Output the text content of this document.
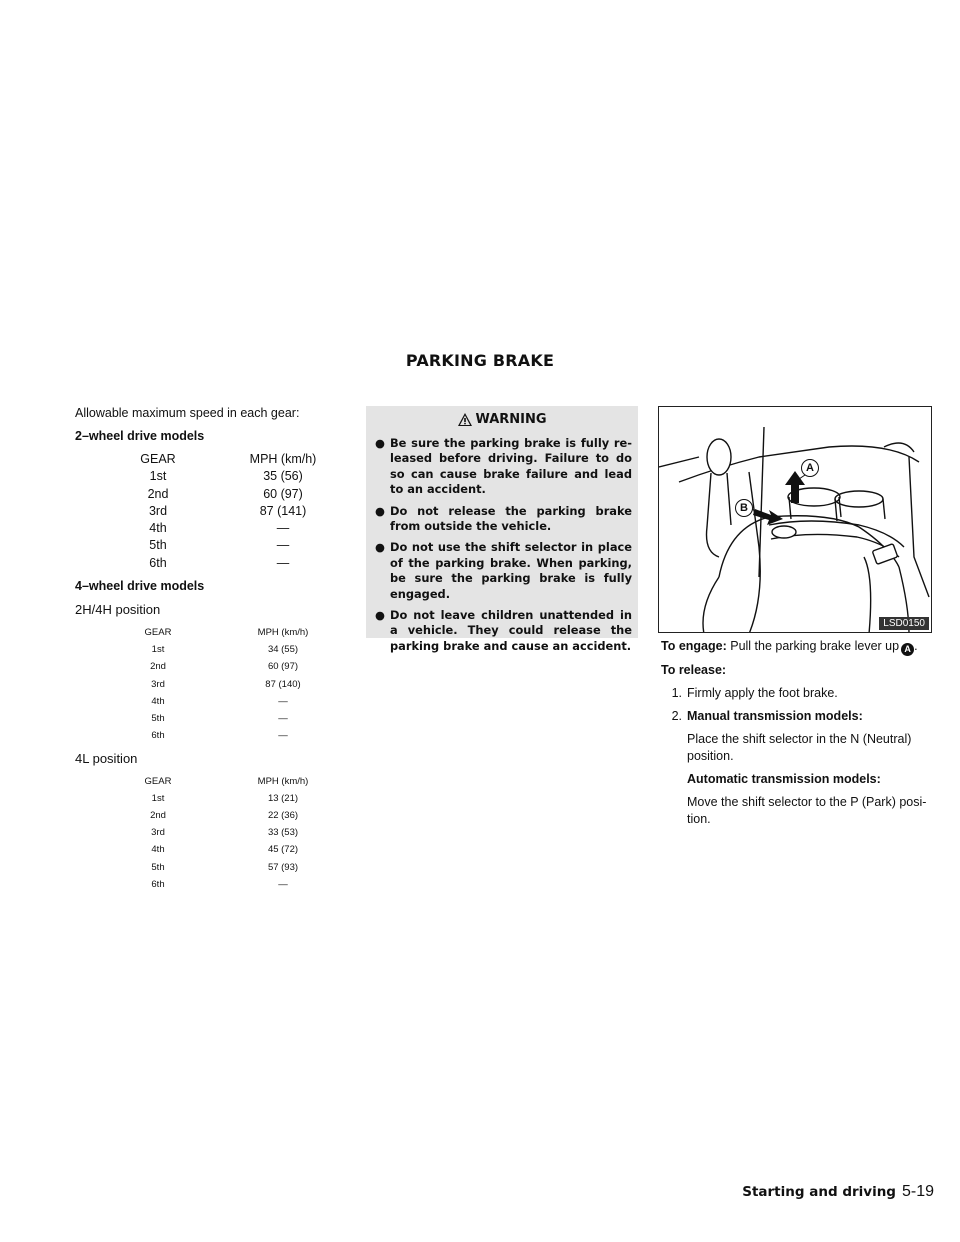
PARKING BRAKE

Allowable maximum speed in each gear:

2–wheel drive models

GEAR	MPH (km/h)
1st	35 (56)
2nd	60 (97)
3rd	87 (141)
4th	—
5th	—
6th	—

4–wheel drive models

2H/4H position

GEAR	MPH (km/h)
1st	34 (55)
2nd	60 (97)
3rd	87 (140)
4th	—
5th	—
6th	—

4L position

GEAR	MPH (km/h)
1st	13 (21)
2nd	22 (36)
3rd	33 (53)
4th	45 (72)
5th	57 (93)
6th	—
WARNING
● Be sure the parking brake is fully re-leased before driving. Failure to do so can cause brake failure and lead to an accident.
● Do not release the parking brake from outside the vehicle.
● Do not use the shift selector in place of the parking brake. When parking, be sure the parking brake is fully engaged.
● Do not leave children unattended in a vehicle. They could release the parking brake and cause an accident.
A
B
LSD0150

To engage: Pull the parking brake lever up A .

To release:

1. Firmly apply the foot brake.
2. Manual transmission models:

Place the shift selector in the N (Neutral) position.

Automatic transmission models:

Move the shift selector to the P (Park) posi-tion.

Starting and driving 5-19
